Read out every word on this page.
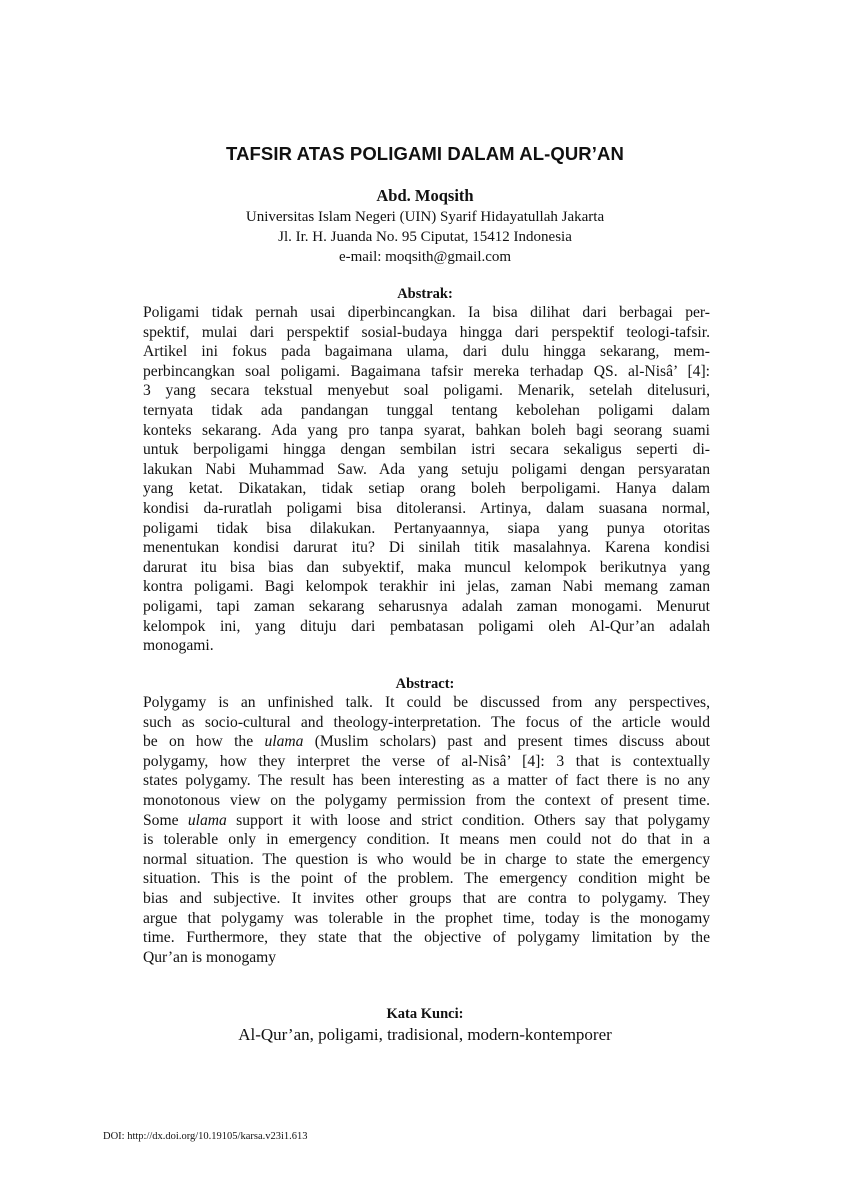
TAFSIR ATAS POLIGAMI DALAM AL-QUR’AN
Abd. Moqsith
Universitas Islam Negeri (UIN) Syarif Hidayatullah Jakarta
Jl. Ir. H. Juanda No. 95 Ciputat, 15412 Indonesia
e-mail: moqsith@gmail.com
Abstrak:
Poligami tidak pernah usai diperbincangkan. Ia bisa dilihat dari berbagai per-
spektif, mulai dari perspektif sosial-budaya hingga dari perspektif teologi-tafsir.
Artikel ini fokus pada bagaimana ulama, dari dulu hingga sekarang, mem-
perbincangkan soal poligami. Bagaimana tafsir mereka terhadap QS. al-Nisâ’ [4]:
3 yang secara tekstual menyebut soal poligami. Menarik, setelah ditelusuri,
ternyata tidak ada pandangan tunggal tentang kebolehan poligami dalam
konteks sekarang. Ada yang pro tanpa syarat, bahkan boleh bagi seorang suami
untuk berpoligami hingga dengan sembilan istri secara sekaligus seperti di-
lakukan Nabi Muhammad Saw. Ada yang setuju poligami dengan persyaratan
yang ketat. Dikatakan, tidak setiap orang boleh berpoligami. Hanya dalam
kondisi da-ruratlah poligami bisa ditoleransi. Artinya, dalam suasana normal,
poligami tidak bisa dilakukan. Pertanyaannya, siapa yang punya otoritas
menentukan kondisi darurat itu? Di sinilah titik masalahnya. Karena kondisi
darurat itu bisa bias dan subyektif, maka muncul kelompok berikutnya yang
kontra poligami. Bagi kelompok terakhir ini jelas, zaman Nabi memang zaman
poligami, tapi zaman sekarang seharusnya adalah zaman monogami. Menurut
kelompok ini, yang dituju dari pembatasan poligami oleh Al-Qur’an adalah
monogami.
Abstract:
Polygamy is an unfinished talk. It could be discussed from any perspectives,
such as socio-cultural and theology-interpretation. The focus of the article would
be on how the ulama (Muslim scholars) past and present times discuss about
polygamy, how they interpret the verse of al-Nisâ’ [4]: 3 that is contextually
states polygamy. The result has been interesting as a matter of fact there is no any
monotonous view on the polygamy permission from the context of present time.
Some ulama support it with loose and strict condition. Others say that polygamy
is tolerable only in emergency condition. It means men could not do that in a
normal situation. The question is who would be in charge to state the emergency
situation. This is the point of the problem. The emergency condition might be
bias and subjective. It invites other groups that are contra to polygamy. They
argue that polygamy was tolerable in the prophet time, today is the monogamy
time. Furthermore, they state that the objective of polygamy limitation by the
Qur’an is monogamy
Kata Kunci:
Al-Qur’an, poligami, tradisional, modern-kontemporer
DOI: http://dx.doi.org/10.19105/karsa.v23i1.613
